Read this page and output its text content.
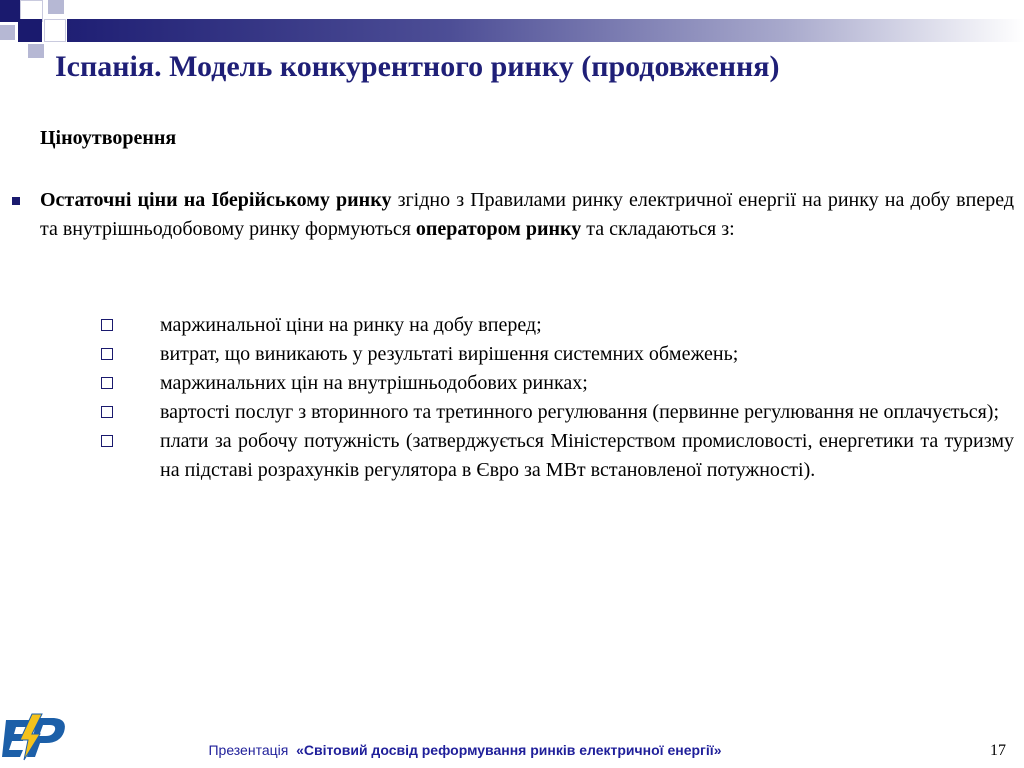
Іспанія. Модель конкурентного ринку (продовження)
Ціноутворення
Остаточні ціни на Іберійському ринку згідно з Правилами ринку електричної енергії на ринку на добу вперед та внутрішньодобовому ринку формуються оператором ринку та складаються з:
маржинальної ціни на ринку на добу вперед;
витрат, що виникають у результаті вирішення системних обмежень;
маржинальних цін на внутрішньодобових ринках;
вартості послуг з вторинного та третинного регулювання (первинне регулювання не оплачується);
плати за робочу потужність (затверджується Міністерством промисловості, енергетики та туризму на підставі розрахунків регулятора в Євро за МВт встановленої потужності).
Презентація «Світовий досвід реформування ринків електричної енергії»	17
